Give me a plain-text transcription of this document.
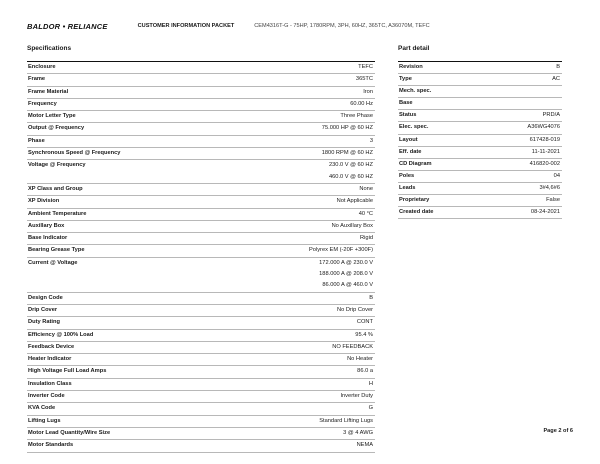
BALDOR • RELIANCE	CUSTOMER INFORMATION PACKET	CEM4316T-G - 75HP, 1780RPM, 3PH, 60HZ, 365TC, A36070M, TEFC
Specifications	Part detail
Enclosure	TEFC
Frame	365TC
Frame Material	Iron
Frequency	60.00 Hz
Motor Letter Type	Three Phase
Output @ Frequency	75.000 HP @ 60 HZ
Phase	3
Synchronous Speed @ Frequency	1800 RPM @ 60 HZ
Voltage @ Frequency	230.0 V @ 60 HZ
460.0 V @ 60 HZ
XP Class and Group	None
XP Division	Not Applicable
Ambient Temperature	40 °C
Auxillary Box	No Auxillary Box
Base Indicator	Rigid
Bearing Grease Type	Polyrex EM (-20F +300F)
Current @ Voltage	172.000 A @ 230.0 V
188.000 A @ 208.0 V
86.000 A @ 460.0 V
Design Code	B
Drip Cover	No Drip Cover
Duty Rating	CONT
Efficiency @ 100% Load	95.4 %
Feedback Device	NO FEEDBACK
Heater Indicator	No Heater
High Voltage Full Load Amps	86.0 a
Insulation Class	H
Inverter Code	Inverter Duty
KVA Code	G
Lifting Lugs	Standard Lifting Lugs
Motor Lead Quantity/Wire Size	3 @ 4 AWG
Motor Standards	NEMA
Revision	B
Type	AC
Mech. spec.
Base
Status	PRD/A
Elec. spec.	A36WG4076
Layout	617428-019
Eff. date	11-11-2021
CD Diagram	416820-002
Poles	04
Leads	3#4,6#6
Proprietary	False
Created date	08-24-2021
Page 2 of 6
